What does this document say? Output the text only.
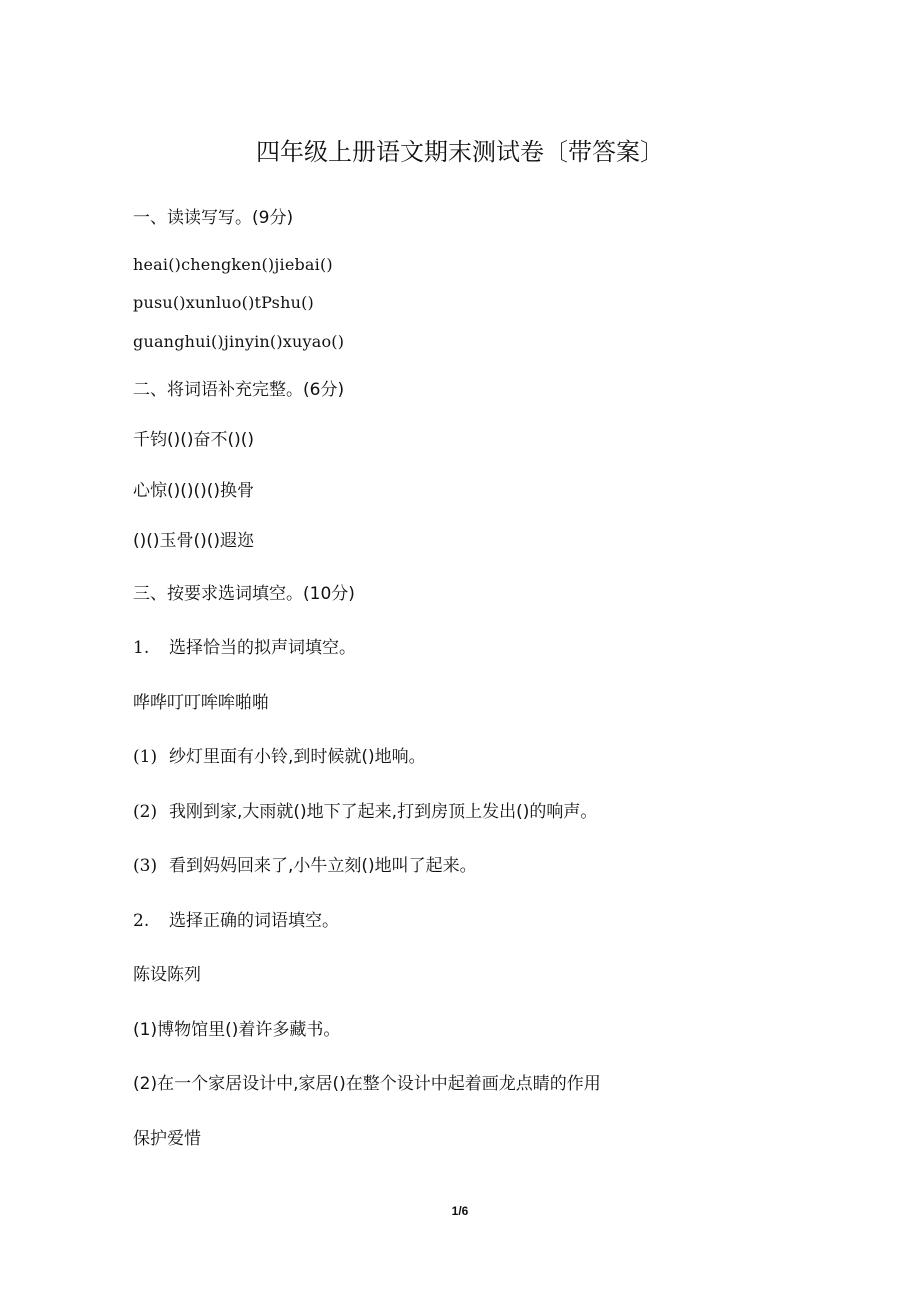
四年级上册语文期末测试卷〔带答案〕
一、读读写写。(9分)
heai()chengken()jiebai()
pusu()xunluo()tPshu()
guanghui()jinyin()xuyao()
二、将词语补充完整。(6分)
千钧()()奋不()()
心惊()()()()换骨
()()玉骨()()遐迩
三、按要求选词填空。(10分)
1. 选择恰当的拟声词填空。
哗哗叮叮哞哞啪啪
(1) 纱灯里面有小铃,到时候就()地响。
(2) 我刚到家,大雨就()地下了起来,打到房顶上发出()的响声。
(3) 看到妈妈回来了,小牛立刻()地叫了起来。
2. 选择正确的词语填空。
陈设陈列
(1)博物馆里()着许多藏书。
(2)在一个家居设计中,家居()在整个设计中起着画龙点睛的作用
保护爱惜
1/6
